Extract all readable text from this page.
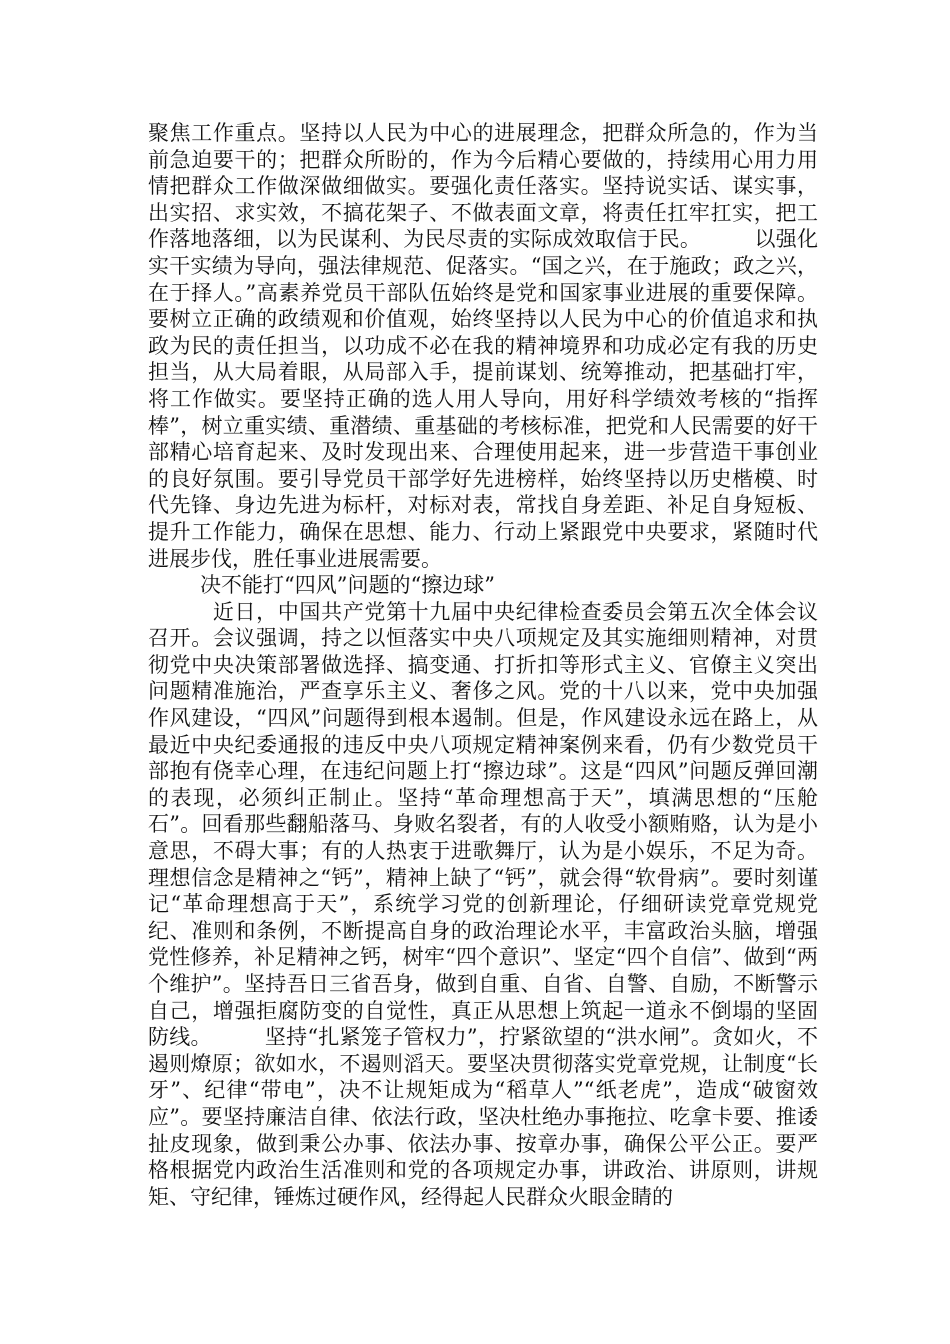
聚焦工作重点。坚持以人民为中心的进展理念，把群众所急的，作为当前急迫要干的；把群众所盼的，作为今后精心要做的，持续用心用力用情把群众工作做深做细做实。要强化责任落实。坚持说实话、谋实事，出实招、求实效，不搞花架子、不做表面文章，将责任扛牢扛实，把工作落地落细，以为民谋利、为民尽责的实际成效取信于民。　　　以强化实干实绩为导向，强法律规范、促落实。“国之兴，在于施政；政之兴，在于择人。”高素养党员干部队伍始终是党和国家事业进展的重要保障。要树立正确的政绩观和价值观，始终坚持以人民为中心的价值追求和执政为民的责任担当，以功成不必在我的精神境界和功成必定有我的历史担当，从大局着眼，从局部入手，提前谋划、统筹推动，把基础打牢，将工作做实。要坚持正确的选人用人导向，用好科学绩效考核的“指挥棒”，树立重实绩、重潜绩、重基础的考核标准，把党和人民需要的好干部精心培育起来、及时发现出来、合理使用起来，进一步营造干事创业的良好氛围。要引导党员干部学好先进榜样，始终坚持以历史楷模、时代先锋、身边先进为标杆，对标对表，常找自身差距、补足自身短板、提升工作能力，确保在思想、能力、行动上紧跟党中央要求，紧随时代进展步伐，胜任事业进展需要。

决不能打“四风”问题的“擦边球”

　　　近日，中国共产党第十九届中央纪律检查委员会第五次全体会议召开。会议强调，持之以恒落实中央八项规定及其实施细则精神，对贯彻党中央决策部署做选择、搞变通、打折扣等形式主义、官僚主义突出问题精准施治，严查享乐主义、奢侈之风。党的十八以来，党中央加强作风建设，“四风”问题得到根本遏制。但是，作风建设永远在路上，从最近中央纪委通报的违反中央八项规定精神案例来看，仍有少数党员干部抱有侥幸心理，在违纪问题上打“擦边球”。这是“四风”问题反弹回潮的表现，必须纠正制止。坚持“革命理想高于天”，填满思想的“压舱石”。回看那些翻船落马、身败名裂者，有的人收受小额贿赂，认为是小意思，不碍大事；有的人热衷于进歌舞厅，认为是小娱乐，不足为奇。理想信念是精神之“钙”，精神上缺了“钙”，就会得“软骨病”。要时刻谨记“革命理想高于天”，系统学习党的创新理论，仔细研读党章党规党纪、准则和条例，不断提高自身的政治理论水平，丰富政治头脑，增强党性修养，补足精神之钙，树牢“四个意识”、坚定“四个自信”、做到“两个维护”。坚持吾日三省吾身，做到自重、自省、自警、自励，不断警示自己，增强拒腐防变的自觉性，真正从思想上筑起一道永不倒塌的坚固防线。　　　坚持“扎紧笼子管权力”，拧紧欲望的“洪水闸”。贪如火，不遏则燎原；欲如水，不遏则滔天。要坚决贯彻落实党章党规，让制度“长牙”、纪律“带电”，决不让规矩成为“稻草人”“纸老虎”，造成“破窗效应”。要坚持廉洁自律、依法行政，坚决杜绝办事拖拉、吃拿卡要、推诿扯皮现象，做到秉公办事、依法办事、按章办事，确保公平公正。要严格根据党内政治生活准则和党的各项规定办事，讲政治、讲原则，讲规矩、守纪律，锤炼过硬作风，经得起人民群众火眼金睛的
